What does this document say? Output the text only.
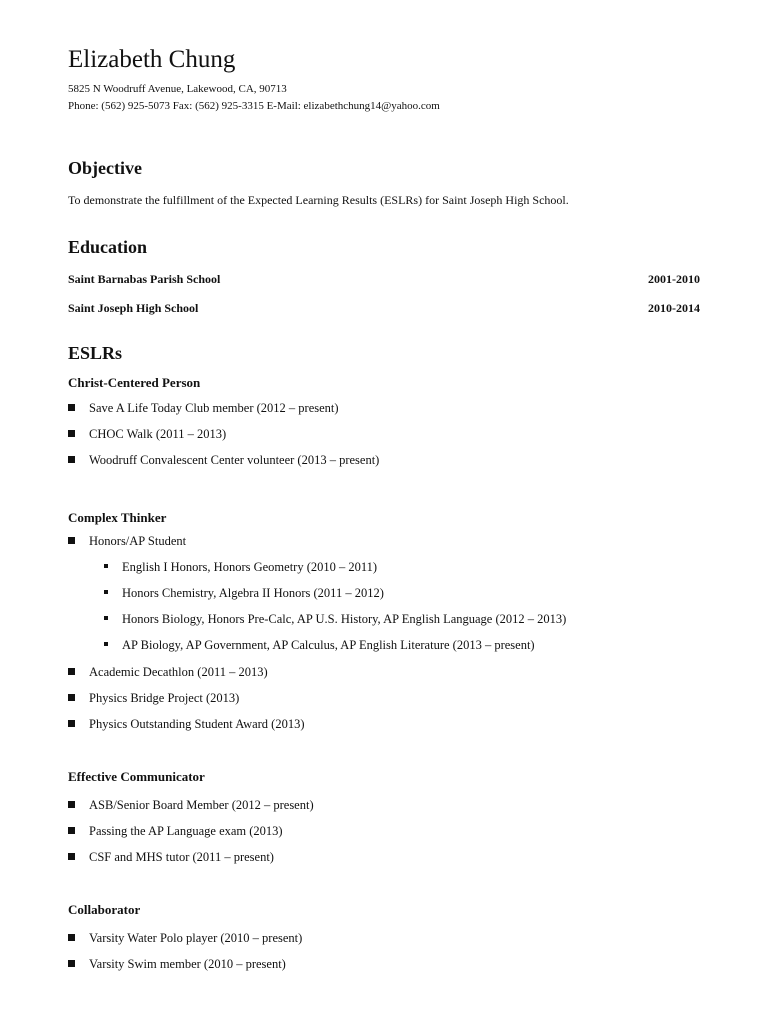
Elizabeth Chung
5825 N Woodruff Avenue, Lakewood, CA, 90713
Phone: (562) 925-5073 Fax: (562) 925-3315 E-Mail: elizabethchung14@yahoo.com
Objective
To demonstrate the fulfillment of the Expected Learning Results (ESLRs) for Saint Joseph High School.
Education
Saint Barnabas Parish School	2001-2010
Saint Joseph High School	2010-2014
ESLRs
Christ-Centered Person
Save A Life Today Club member (2012 – present)
CHOC Walk (2011 – 2013)
Woodruff Convalescent Center volunteer (2013 – present)
Complex Thinker
Honors/AP Student
English I Honors, Honors Geometry (2010 – 2011)
Honors Chemistry, Algebra II Honors (2011 – 2012)
Honors Biology, Honors Pre-Calc, AP U.S. History, AP English Language (2012 – 2013)
AP Biology, AP Government, AP Calculus, AP English Literature (2013 – present)
Academic Decathlon (2011 – 2013)
Physics Bridge Project (2013)
Physics Outstanding Student Award (2013)
Effective Communicator
ASB/Senior Board Member (2012 – present)
Passing the AP Language exam (2013)
CSF and MHS tutor (2011 – present)
Collaborator
Varsity Water Polo player (2010 – present)
Varsity Swim member (2010 – present)
